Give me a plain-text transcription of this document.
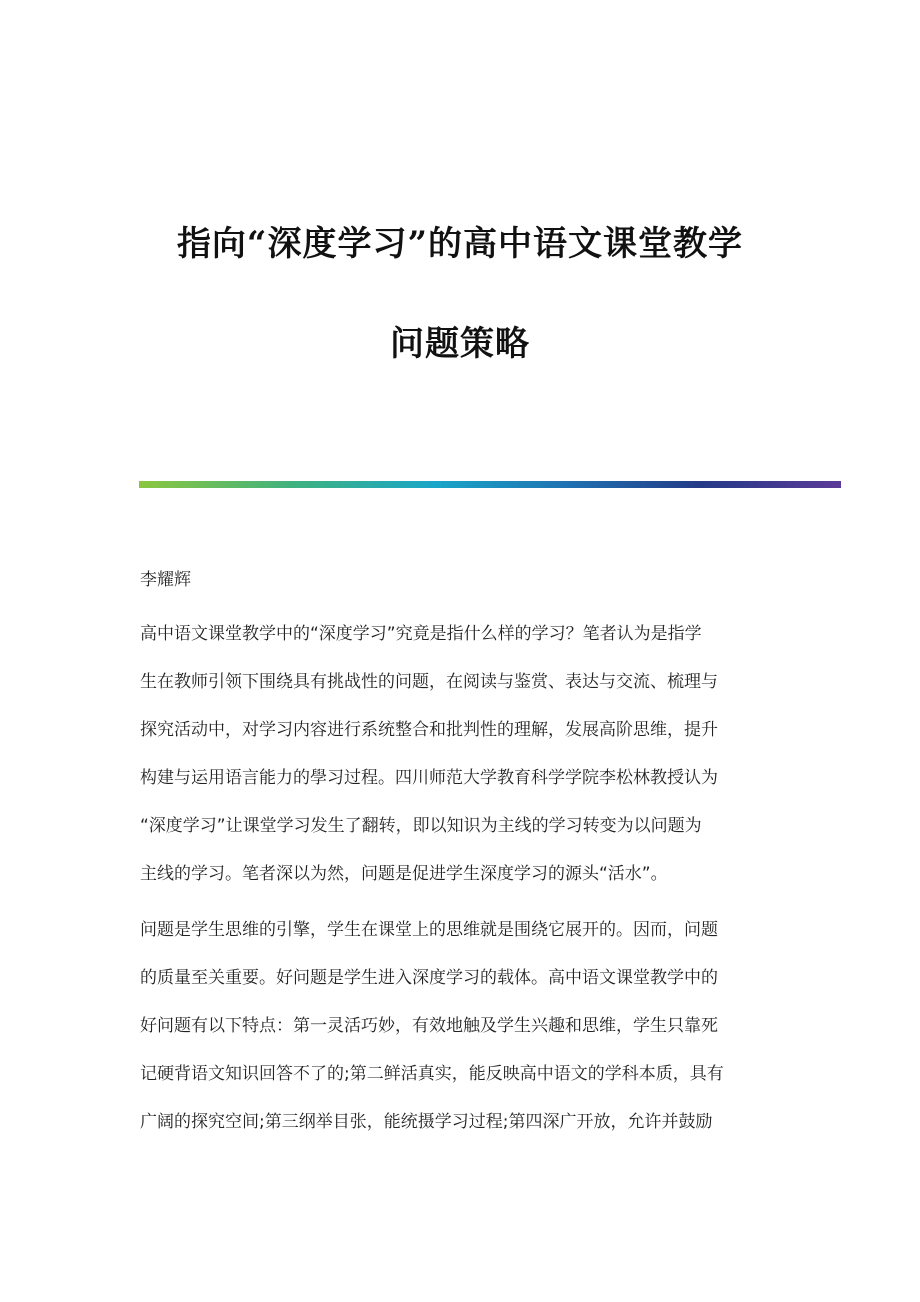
指向“深度学习”的高中语文课堂教学
问题策略
李耀辉
高中语文课堂教学中的“深度学习”究竟是指什么样的学习？笔者认为是指学
生在教师引领下围绕具有挑战性的问题，在阅读与鉴赏、表达与交流、梳理与
探究活动中，对学习内容进行系统整合和批判性的理解，发展高阶思维，提升
构建与运用语言能力的學习过程。四川师范大学教育科学学院李松林教授认为
“深度学习”让课堂学习发生了翻转，即以知识为主线的学习转变为以问题为
主线的学习。笔者深以为然，问题是促进学生深度学习的源头“活水”。
问题是学生思维的引擎，学生在课堂上的思维就是围绕它展开的。因而，问题
的质量至关重要。好问题是学生进入深度学习的载体。高中语文课堂教学中的
好问题有以下特点：第一灵活巧妙，有效地触及学生兴趣和思维，学生只靠死
记硬背语文知识回答不了的;第二鲜活真实，能反映高中语文的学科本质，具有
广阔的探究空间;第三纲举目张，能统摄学习过程;第四深广开放，允许并鼓励
